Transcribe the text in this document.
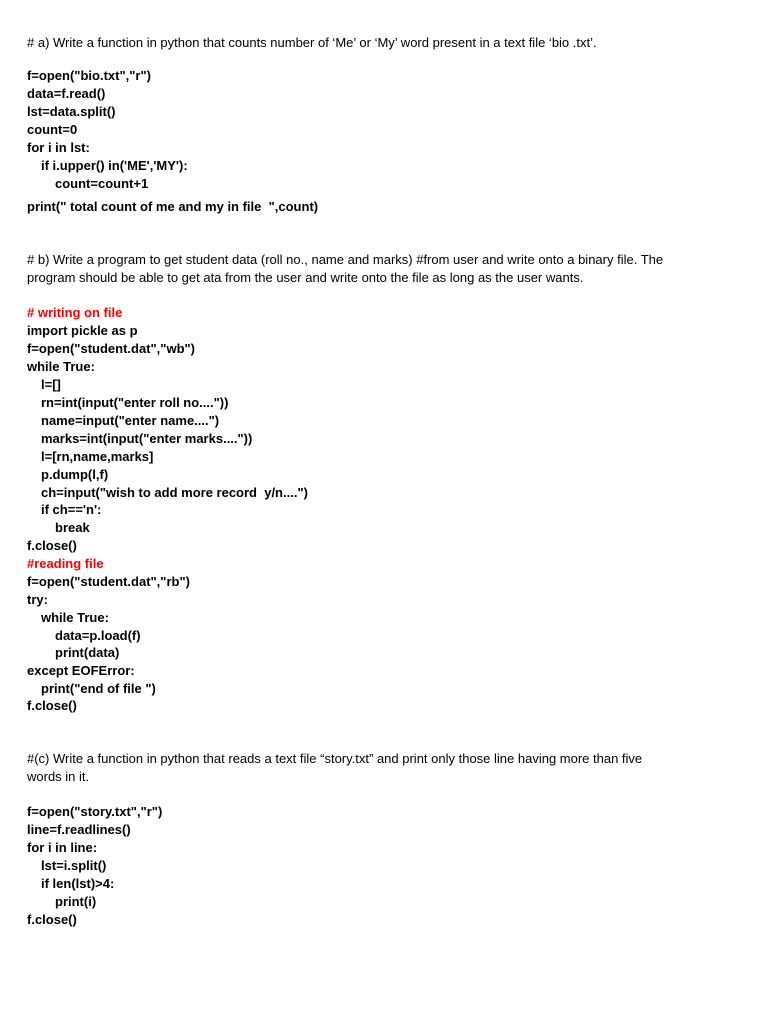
# a) Write a function in python that counts number of ‘Me’ or ‘My’ word present in a text file ‘bio .txt’.
f=open("bio.txt","r")
data=f.read()
lst=data.split()
count=0
for i in lst:
if i.upper() in('ME','MY'):
count=count+1
print(" total count of me and my in file  ",count)
# b) Write a program to get student data (roll no., name and marks) #from user and write onto a binary file. The
program should be able to get ata from the user and write onto the file as long as the user wants.
# writing on file
import pickle as p
f=open("student.dat","wb")
while True:
l=[]
rn=int(input("enter roll no...."))
name=input("enter name....")
marks=int(input("enter marks...."))
l=[rn,name,marks]
p.dump(l,f)
ch=input("wish to add more record  y/n....")
if ch=='n':
break
f.close()
#reading file
f=open("student.dat","rb")
try:
while True:
data=p.load(f)
print(data)
except EOFError:
print("end of file ")
f.close()
#(c) Write a function in python that reads a text file “story.txt” and print only those line having more than five
words in it.
f=open("story.txt","r")
line=f.readlines()
for i in line:
lst=i.split()
if len(lst)>4:
print(i)
f.close()
